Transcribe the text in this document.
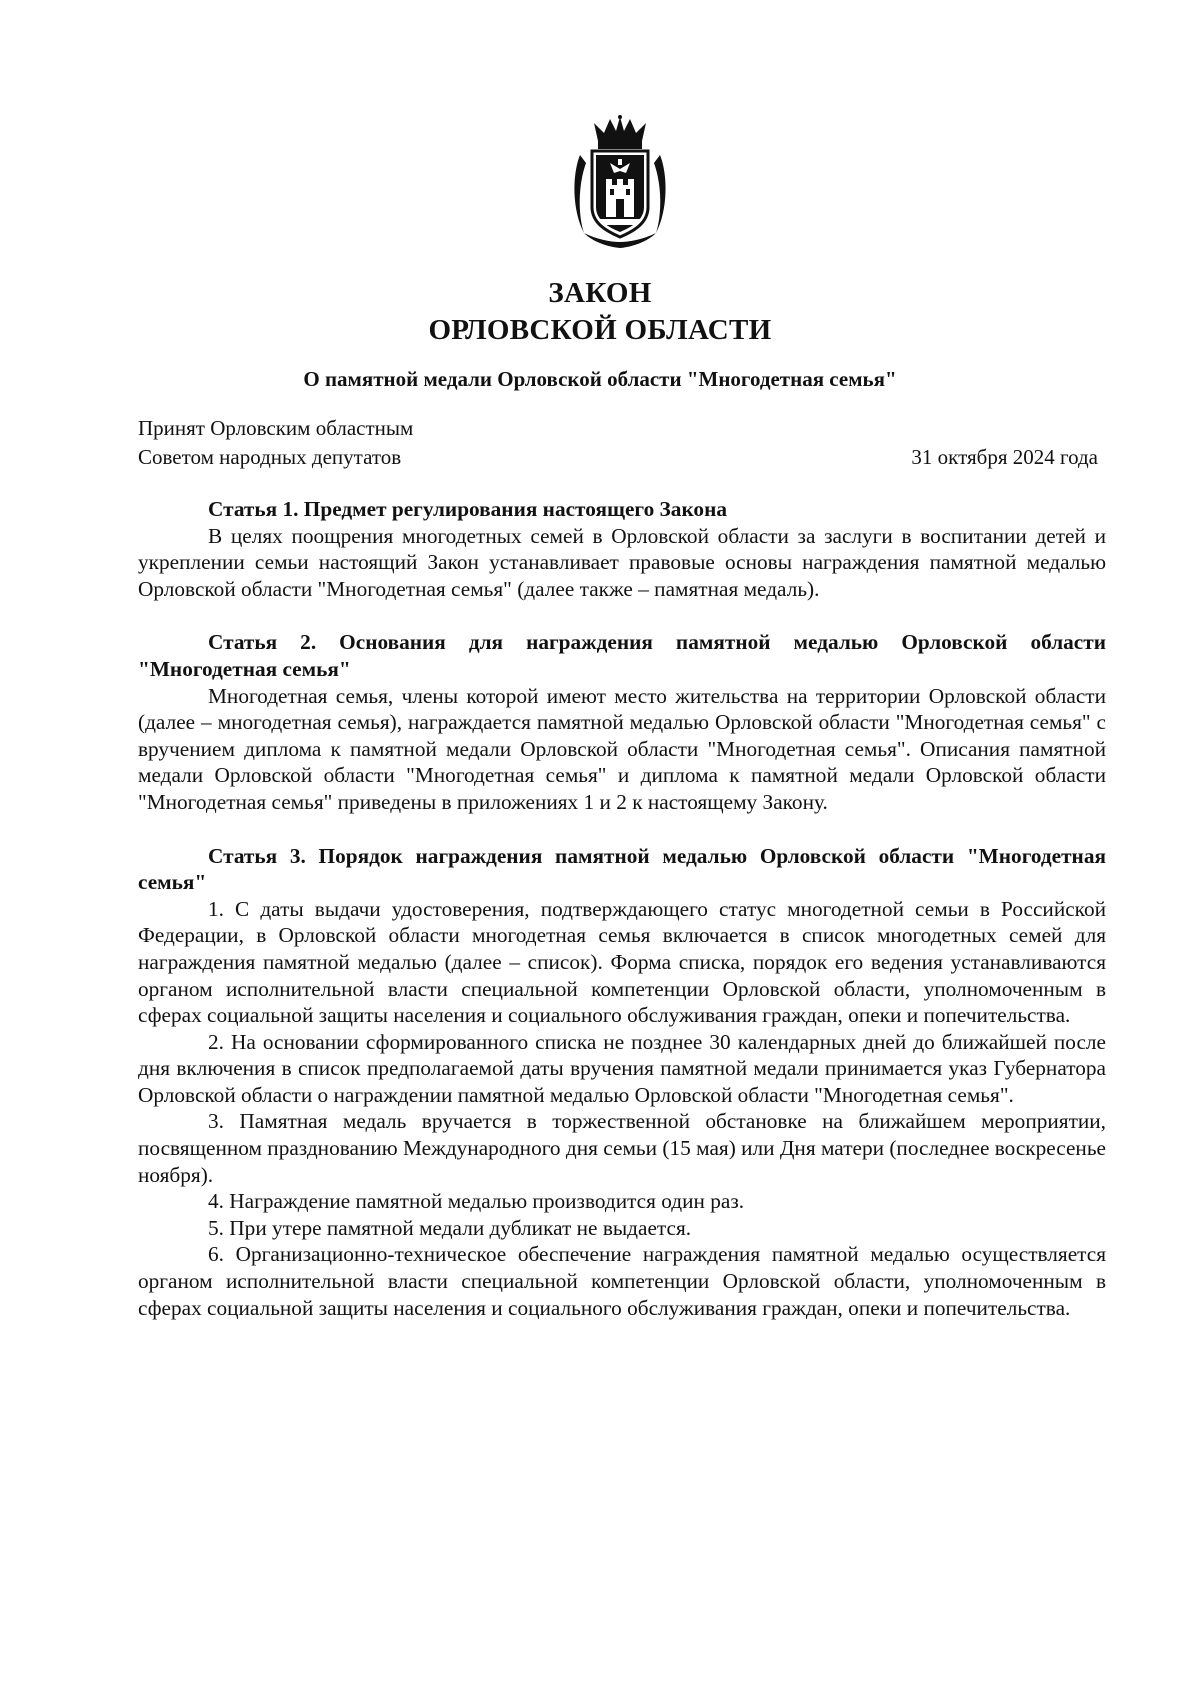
ЗАКОН
ОРЛОВСКОЙ ОБЛАСТИ
О памятной медали Орловской области "Многодетная семья"
Принят Орловским областным
Советом народных депутатов	31 октября 2024 года

Статья 1. Предмет регулирования настоящего Закона

В целях поощрения многодетных семей в Орловской области за заслуги в воспитании детей и укреплении семьи настоящий Закон устанавливает правовые основы награждения памятной медалью Орловской области "Многодетная семья" (далее также – памятная медаль).

Статья 2. Основания для награждения памятной медалью Орловской области "Многодетная семья"

Многодетная семья, члены которой имеют место жительства на территории Орловской области (далее – многодетная семья), награждается памятной медалью Орловской области "Многодетная семья" с вручением диплома к памятной медали Орловской области "Многодетная семья". Описания памятной медали Орловской области "Многодетная семья" и диплома к памятной медали Орловской области "Многодетная семья" приведены в приложениях 1 и 2 к настоящему Закону.

Статья 3. Порядок награждения памятной медалью Орловской области "Многодетная семья"

1. С даты выдачи удостоверения, подтверждающего статус многодетной семьи в Российской Федерации, в Орловской области многодетная семья включается в список многодетных семей для награждения памятной медалью (далее – список). Форма списка, порядок его ведения устанавливаются органом исполнительной власти специальной компетенции Орловской области, уполномоченным в сферах социальной защиты населения и социального обслуживания граждан, опеки и попечительства.

2. На основании сформированного списка не позднее 30 календарных дней до ближайшей после дня включения в список предполагаемой даты вручения памятной медали принимается указ Губернатора Орловской области о награждении памятной медалью Орловской области "Многодетная семья".

3. Памятная медаль вручается в торжественной обстановке на ближайшем мероприятии, посвященном празднованию Международного дня семьи (15 мая) или Дня матери (последнее воскресенье ноября).

4. Награждение памятной медалью производится один раз.

5. При утере памятной медали дубликат не выдается.

6. Организационно-техническое обеспечение награждения памятной медалью осуществляется органом исполнительной власти специальной компетенции Орловской области, уполномоченным в сферах социальной защиты населения и социального обслуживания граждан, опеки и попечительства.
